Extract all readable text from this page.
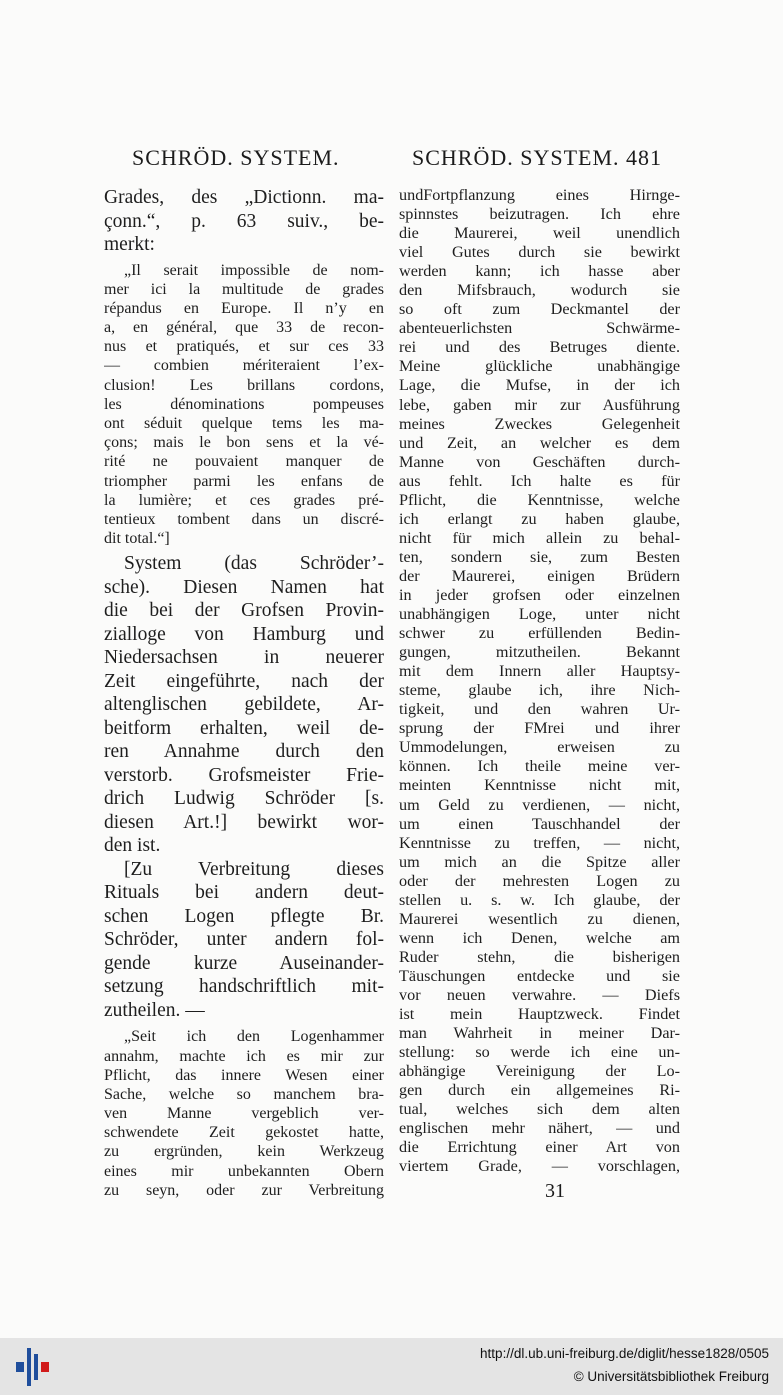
SCHRÖD. SYSTEM.	SCHRÖD. SYSTEM. 481
Grades, des „Dictionn. ma-
çonn.“, p. 63 suiv., be-
merkt:
„Il serait impossible de nom-
mer ici la multitude de grades
répandus en Europe. Il n’y en
a, en général, que 33 de recon-
nus et pratiqués, et sur ces 33
— combien mériteraient l’ex-
clusion! Les brillans cordons,
les dénominations pompeuses
ont séduit quelque tems les ma-
çons; mais le bon sens et la vé-
rité ne pouvaient manquer de
triompher parmi les enfans de
la lumière; et ces grades pré-
tentieux tombent dans un discré-
dit total.“]
System (das Schröder’-
sche). Diesen Namen hat
die bei der Grofsen Provin-
zialloge von Hamburg und
Niedersachsen in neuerer
Zeit eingeführte, nach der
altenglischen gebildete, Ar-
beitform erhalten, weil de-
ren Annahme durch den
verstorb. Grofsmeister Frie-
drich Ludwig Schröder [s.
diesen Art.!] bewirkt wor-
den ist.
[Zu Verbreitung dieses
Rituals bei andern deut-
schen Logen pflegte Br.
Schröder, unter andern fol-
gende kurze Auseinander-
setzung handschriftlich mit-
zutheilen. —
„Seit ich den Logenhammer
annahm, machte ich es mir zur
Pflicht, das innere Wesen einer
Sache, welche so manchem bra-
ven Manne vergeblich ver-
schwendete Zeit gekostet hatte,
zu ergründen, kein Werkzeug
eines mir unbekannten Obern
zu seyn, oder zur Verbreitung
undFortpflanzung eines Hirnge-
spinnstes beizutragen. Ich ehre
die Maurerei, weil unendlich
viel Gutes durch sie bewirkt
werden kann; ich hasse aber
den Mifsbrauch, wodurch sie
so oft zum Deckmantel der
abenteuerlichsten Schwärme-
rei und des Betruges diente.
Meine glückliche unabhängige
Lage, die Mufse, in der ich
lebe, gaben mir zur Ausführung
meines Zweckes Gelegenheit
und Zeit, an welcher es dem
Manne von Geschäften durch-
aus fehlt. Ich halte es für
Pflicht, die Kenntnisse, welche
ich erlangt zu haben glaube,
nicht für mich allein zu behal-
ten, sondern sie, zum Besten
der Maurerei, einigen Brüdern
in jeder grofsen oder einzelnen
unabhängigen Loge, unter nicht
schwer zu erfüllenden Bedin-
gungen, mitzutheilen. Bekannt
mit dem Innern aller Hauptsy-
steme, glaube ich, ihre Nich-
tigkeit, und den wahren Ur-
sprung der FMrei und ihrer
Ummodelungen, erweisen zu
können. Ich theile meine ver-
meinten Kenntnisse nicht mit,
um Geld zu verdienen, — nicht,
um einen Tauschhandel der
Kenntnisse zu treffen, — nicht,
um mich an die Spitze aller
oder der mehresten Logen zu
stellen u. s. w. Ich glaube, der
Maurerei wesentlich zu dienen,
wenn ich Denen, welche am
Ruder stehn, die bisherigen
Täuschungen entdecke und sie
vor neuen verwahre. — Diefs
ist mein Hauptzweck. Findet
man Wahrheit in meiner Dar-
stellung: so werde ich eine un-
abhängige Vereinigung der Lo-
gen durch ein allgemeines Ri-
tual, welches sich dem alten
englischen mehr nähert, — und
die Errichtung einer Art von
viertem Grade, — vorschlagen,
31
http://dl.ub.uni-freiburg.de/diglit/hesse1828/0505
© Universitätsbibliothek Freiburg
